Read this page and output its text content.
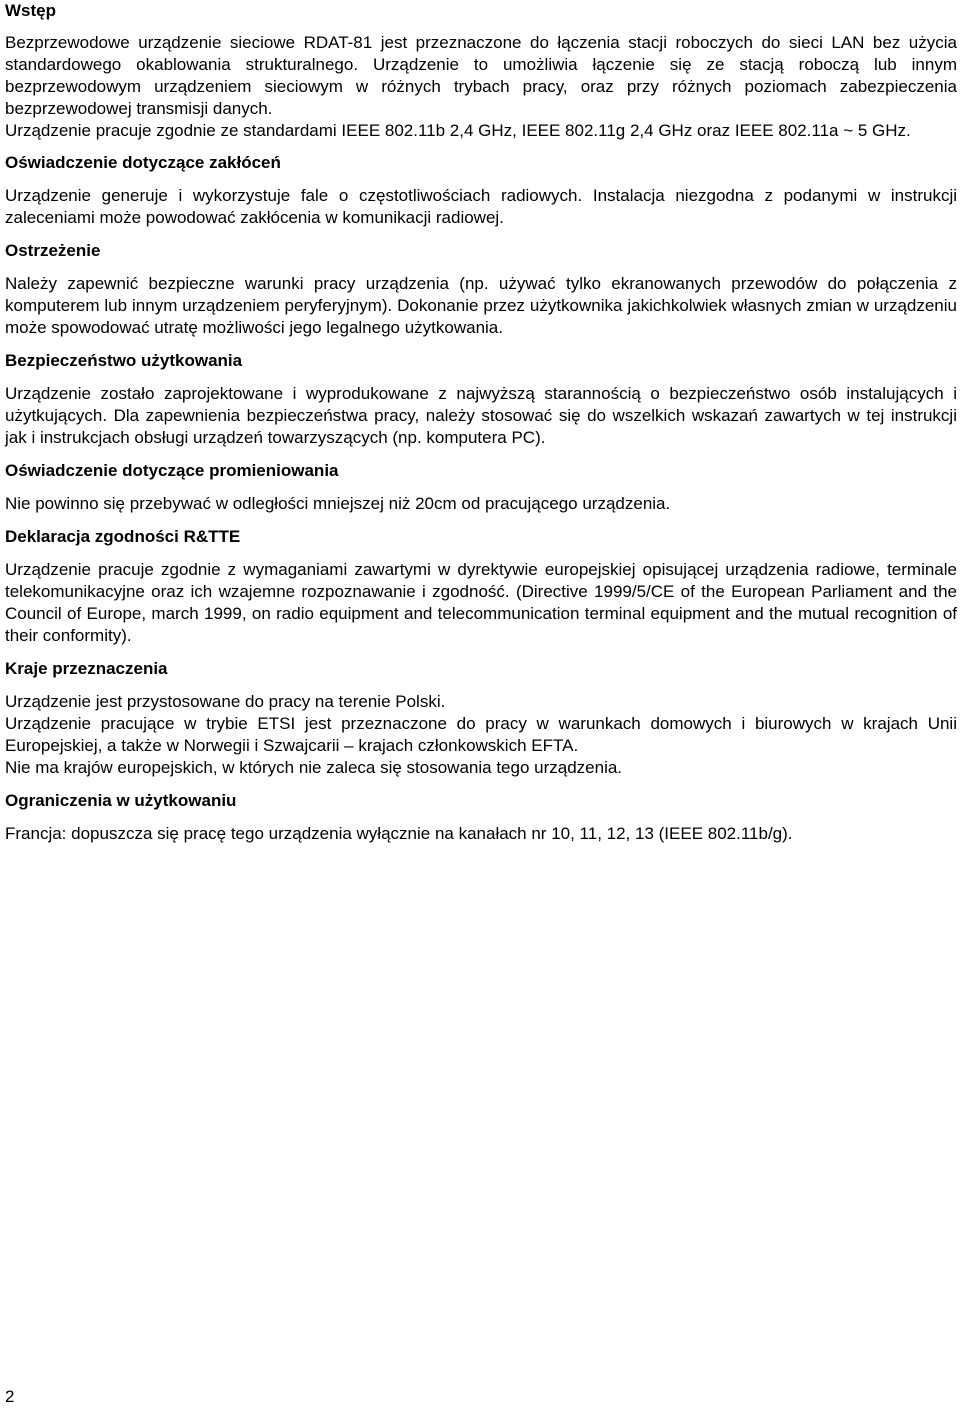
Wstęp

Bezprzewodowe urządzenie sieciowe RDAT-81 jest przeznaczone do łączenia stacji roboczych do sieci LAN bez użycia standardowego okablowania strukturalnego. Urządzenie to umożliwia łączenie się ze stacją roboczą lub innym bezprzewodowym urządzeniem sieciowym w różnych trybach pracy, oraz przy różnych poziomach zabezpieczenia bezprzewodowej transmisji danych.

Urządzenie pracuje zgodnie ze standardami IEEE 802.11b 2,4 GHz, IEEE 802.11g 2,4 GHz oraz IEEE 802.11a ~ 5 GHz.

Oświadczenie dotyczące zakłóceń

Urządzenie generuje i wykorzystuje fale o częstotliwościach radiowych. Instalacja niezgodna z podanymi w instrukcji zaleceniami może powodować zakłócenia w komunikacji radiowej.

Ostrzeżenie

Należy zapewnić bezpieczne warunki pracy urządzenia (np. używać tylko ekranowanych przewodów do połączenia z komputerem lub innym urządzeniem peryferyjnym). Dokonanie przez użytkownika jakichkolwiek własnych zmian w urządzeniu może spowodować utratę możliwości jego legalnego użytkowania.

Bezpieczeństwo użytkowania

Urządzenie zostało zaprojektowane i wyprodukowane z najwyższą starannością o bezpieczeństwo osób instalujących i użytkujących. Dla zapewnienia bezpieczeństwa pracy, należy stosować się do wszelkich wskazań zawartych w tej instrukcji jak i instrukcjach obsługi urządzeń towarzyszących (np. komputera PC).

Oświadczenie dotyczące promieniowania

Nie powinno się przebywać w odległości mniejszej niż 20cm od pracującego urządzenia.

Deklaracja zgodności R&TTE

Urządzenie pracuje zgodnie z wymaganiami zawartymi w dyrektywie europejskiej opisującej urządzenia radiowe, terminale telekomunikacyjne oraz ich wzajemne rozpoznawanie i zgodność. (Directive 1999/5/CE of the European Parliament and the Council of Europe, march 1999, on radio equipment and telecommunication terminal equipment and the mutual recognition of their conformity).

Kraje przeznaczenia

Urządzenie jest przystosowane do pracy na terenie Polski.

Urządzenie pracujące w trybie ETSI jest przeznaczone do pracy w warunkach domowych i biurowych w krajach Unii Europejskiej, a także w Norwegii i Szwajcarii – krajach członkowskich EFTA.

Nie ma krajów europejskich, w których nie zaleca się stosowania tego urządzenia.

Ograniczenia w użytkowaniu

Francja: dopuszcza się pracę tego urządzenia wyłącznie na kanałach nr 10, 11, 12, 13 (IEEE 802.11b/g).

2
